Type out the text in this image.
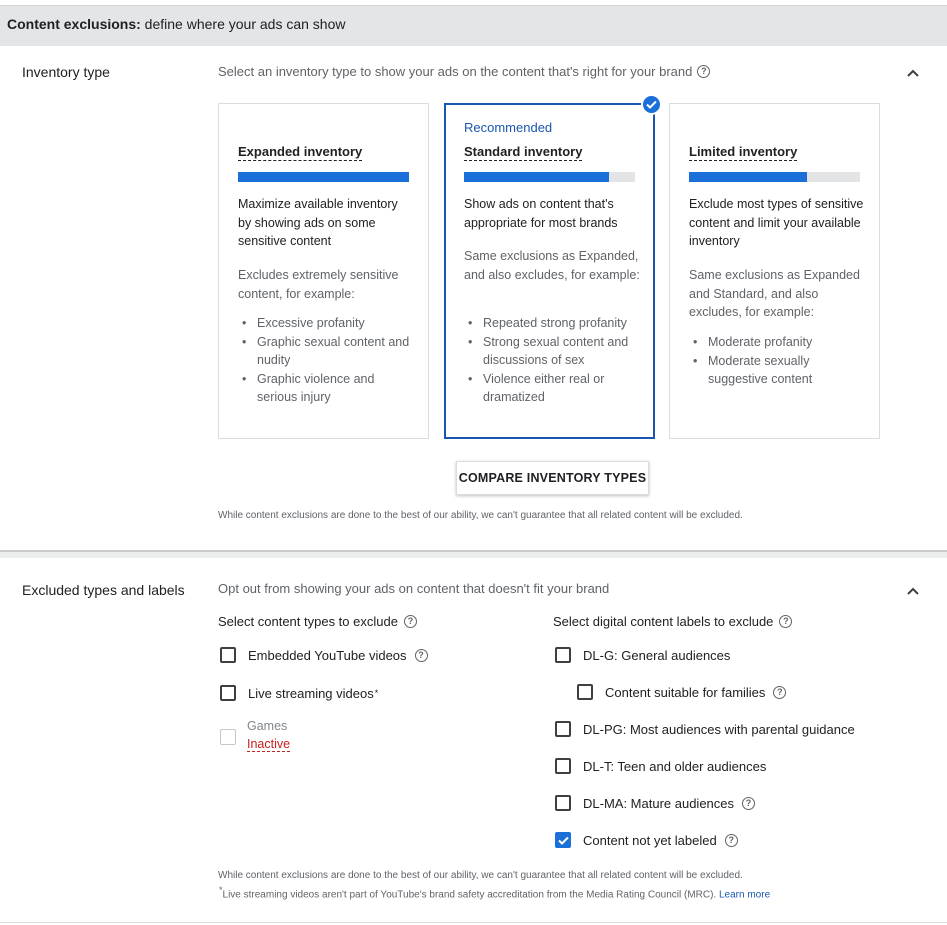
Content exclusions: define where your ads can show
Inventory type	Select an inventory type to show your ads on the content that's right for your brand ?
Expanded inventory
Maximize available inventory by showing ads on some sensitive content
Excludes extremely sensitive content, for example:
• Excessive profanity
• Graphic sexual content and nudity
• Graphic violence and serious injury
Recommended
Standard inventory
Show ads on content that's appropriate for most brands
Same exclusions as Expanded, and also excludes, for example:
• Repeated strong profanity
• Strong sexual content and discussions of sex
• Violence either real or dramatized
Limited inventory
Exclude most types of sensitive content and limit your available inventory
Same exclusions as Expanded and Standard, and also excludes, for example:
• Moderate profanity
• Moderate sexually suggestive content
COMPARE INVENTORY TYPES
While content exclusions are done to the best of our ability, we can't guarantee that all related content will be excluded.
Excluded types and labels	Opt out from showing your ads on content that doesn't fit your brand
Select content types to exclude	?
Embedded YouTube videos	?
Live streaming videos *
Games
Inactive
Select digital content labels to exclude	?
DL-G: General audiences
Content suitable for families	?
DL-PG: Most audiences with parental guidance
DL-T: Teen and older audiences
DL-MA: Mature audiences	?
Content not yet labeled	?
While content exclusions are done to the best of our ability, we can't guarantee that all related content will be excluded.
*Live streaming videos aren't part of YouTube's brand safety accreditation from the Media Rating Council (MRC). Learn more
